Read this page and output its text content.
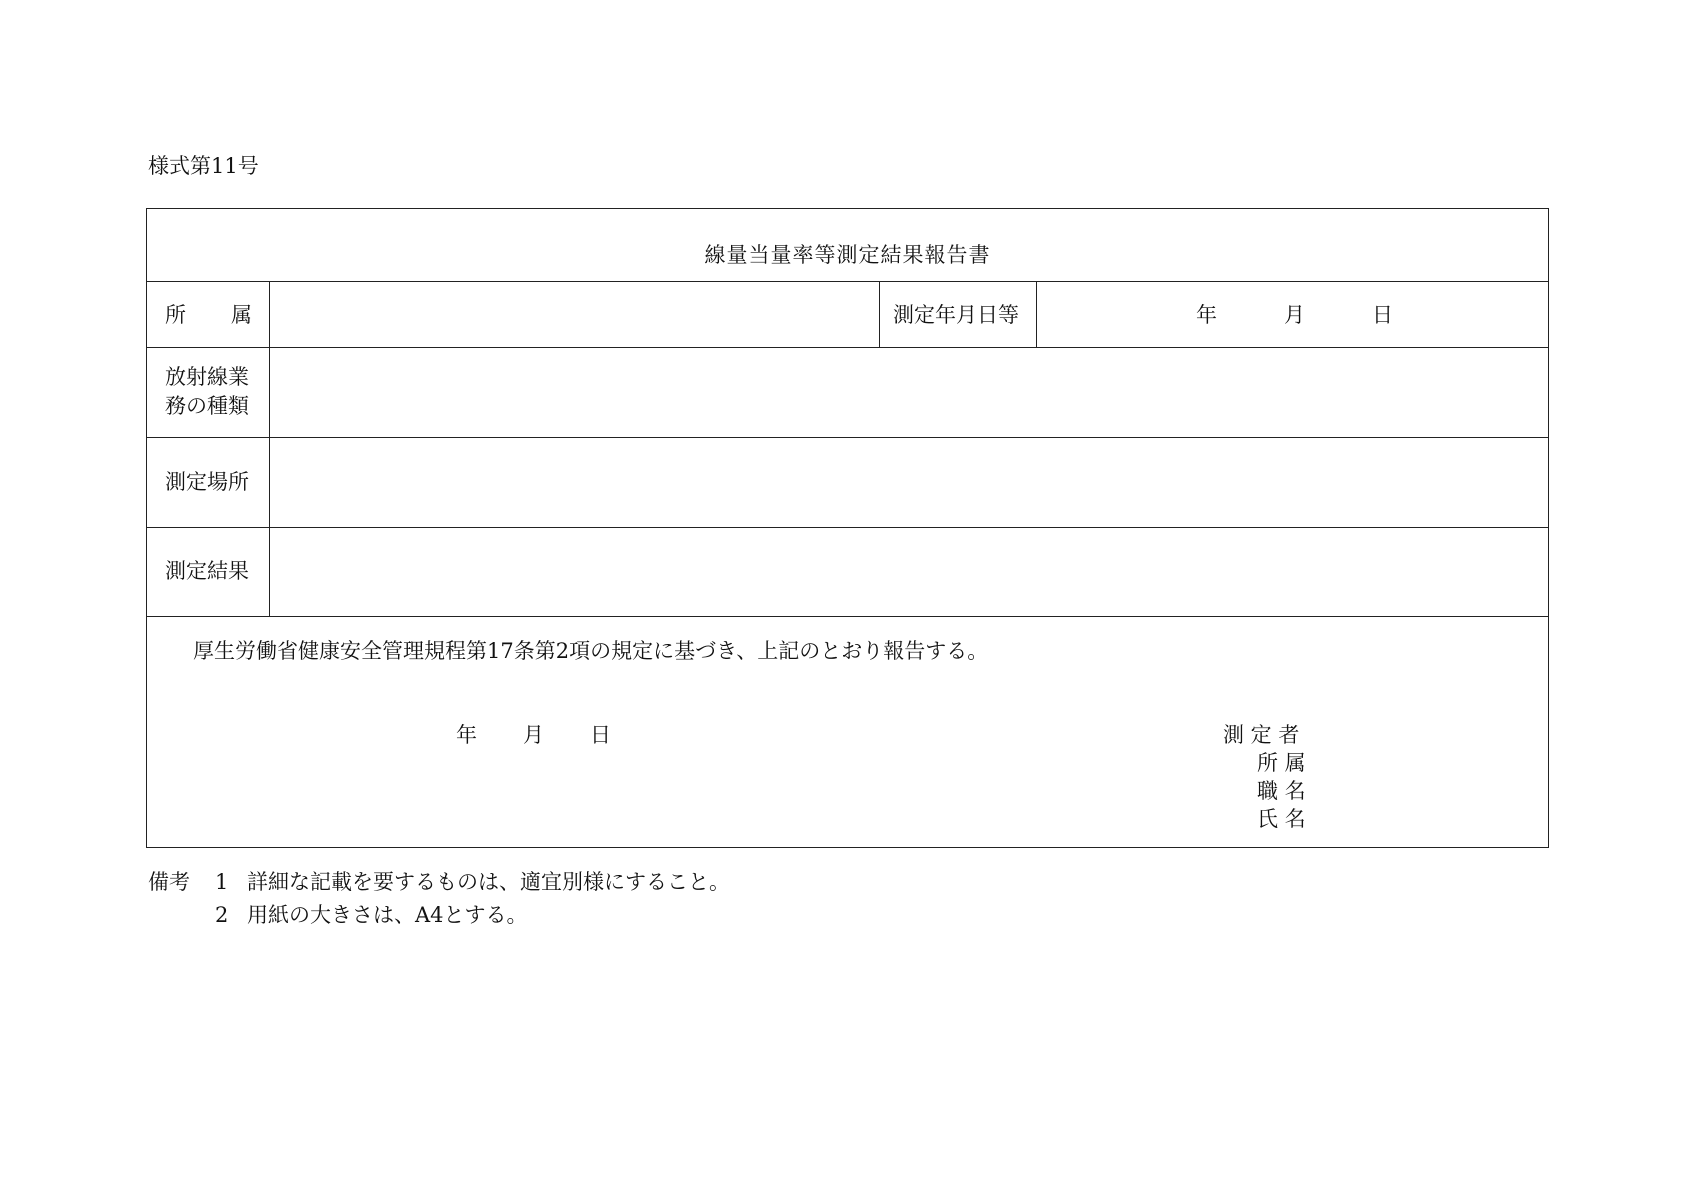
様式第11号
線量当量率等測定結果報告書
所 属	測定年月日等	年	月	日
放射線業
務の種類
測定場所
測定結果
厚生労働省健康安全管理規程第17条第2項の規定に基づき、上記のとおり報告する。
年 月 日	測 定 者
所 属
職 名
氏 名
備考 1 詳細な記載を要するものは、適宜別様にすること。
2 用紙の大きさは、A4とする。
